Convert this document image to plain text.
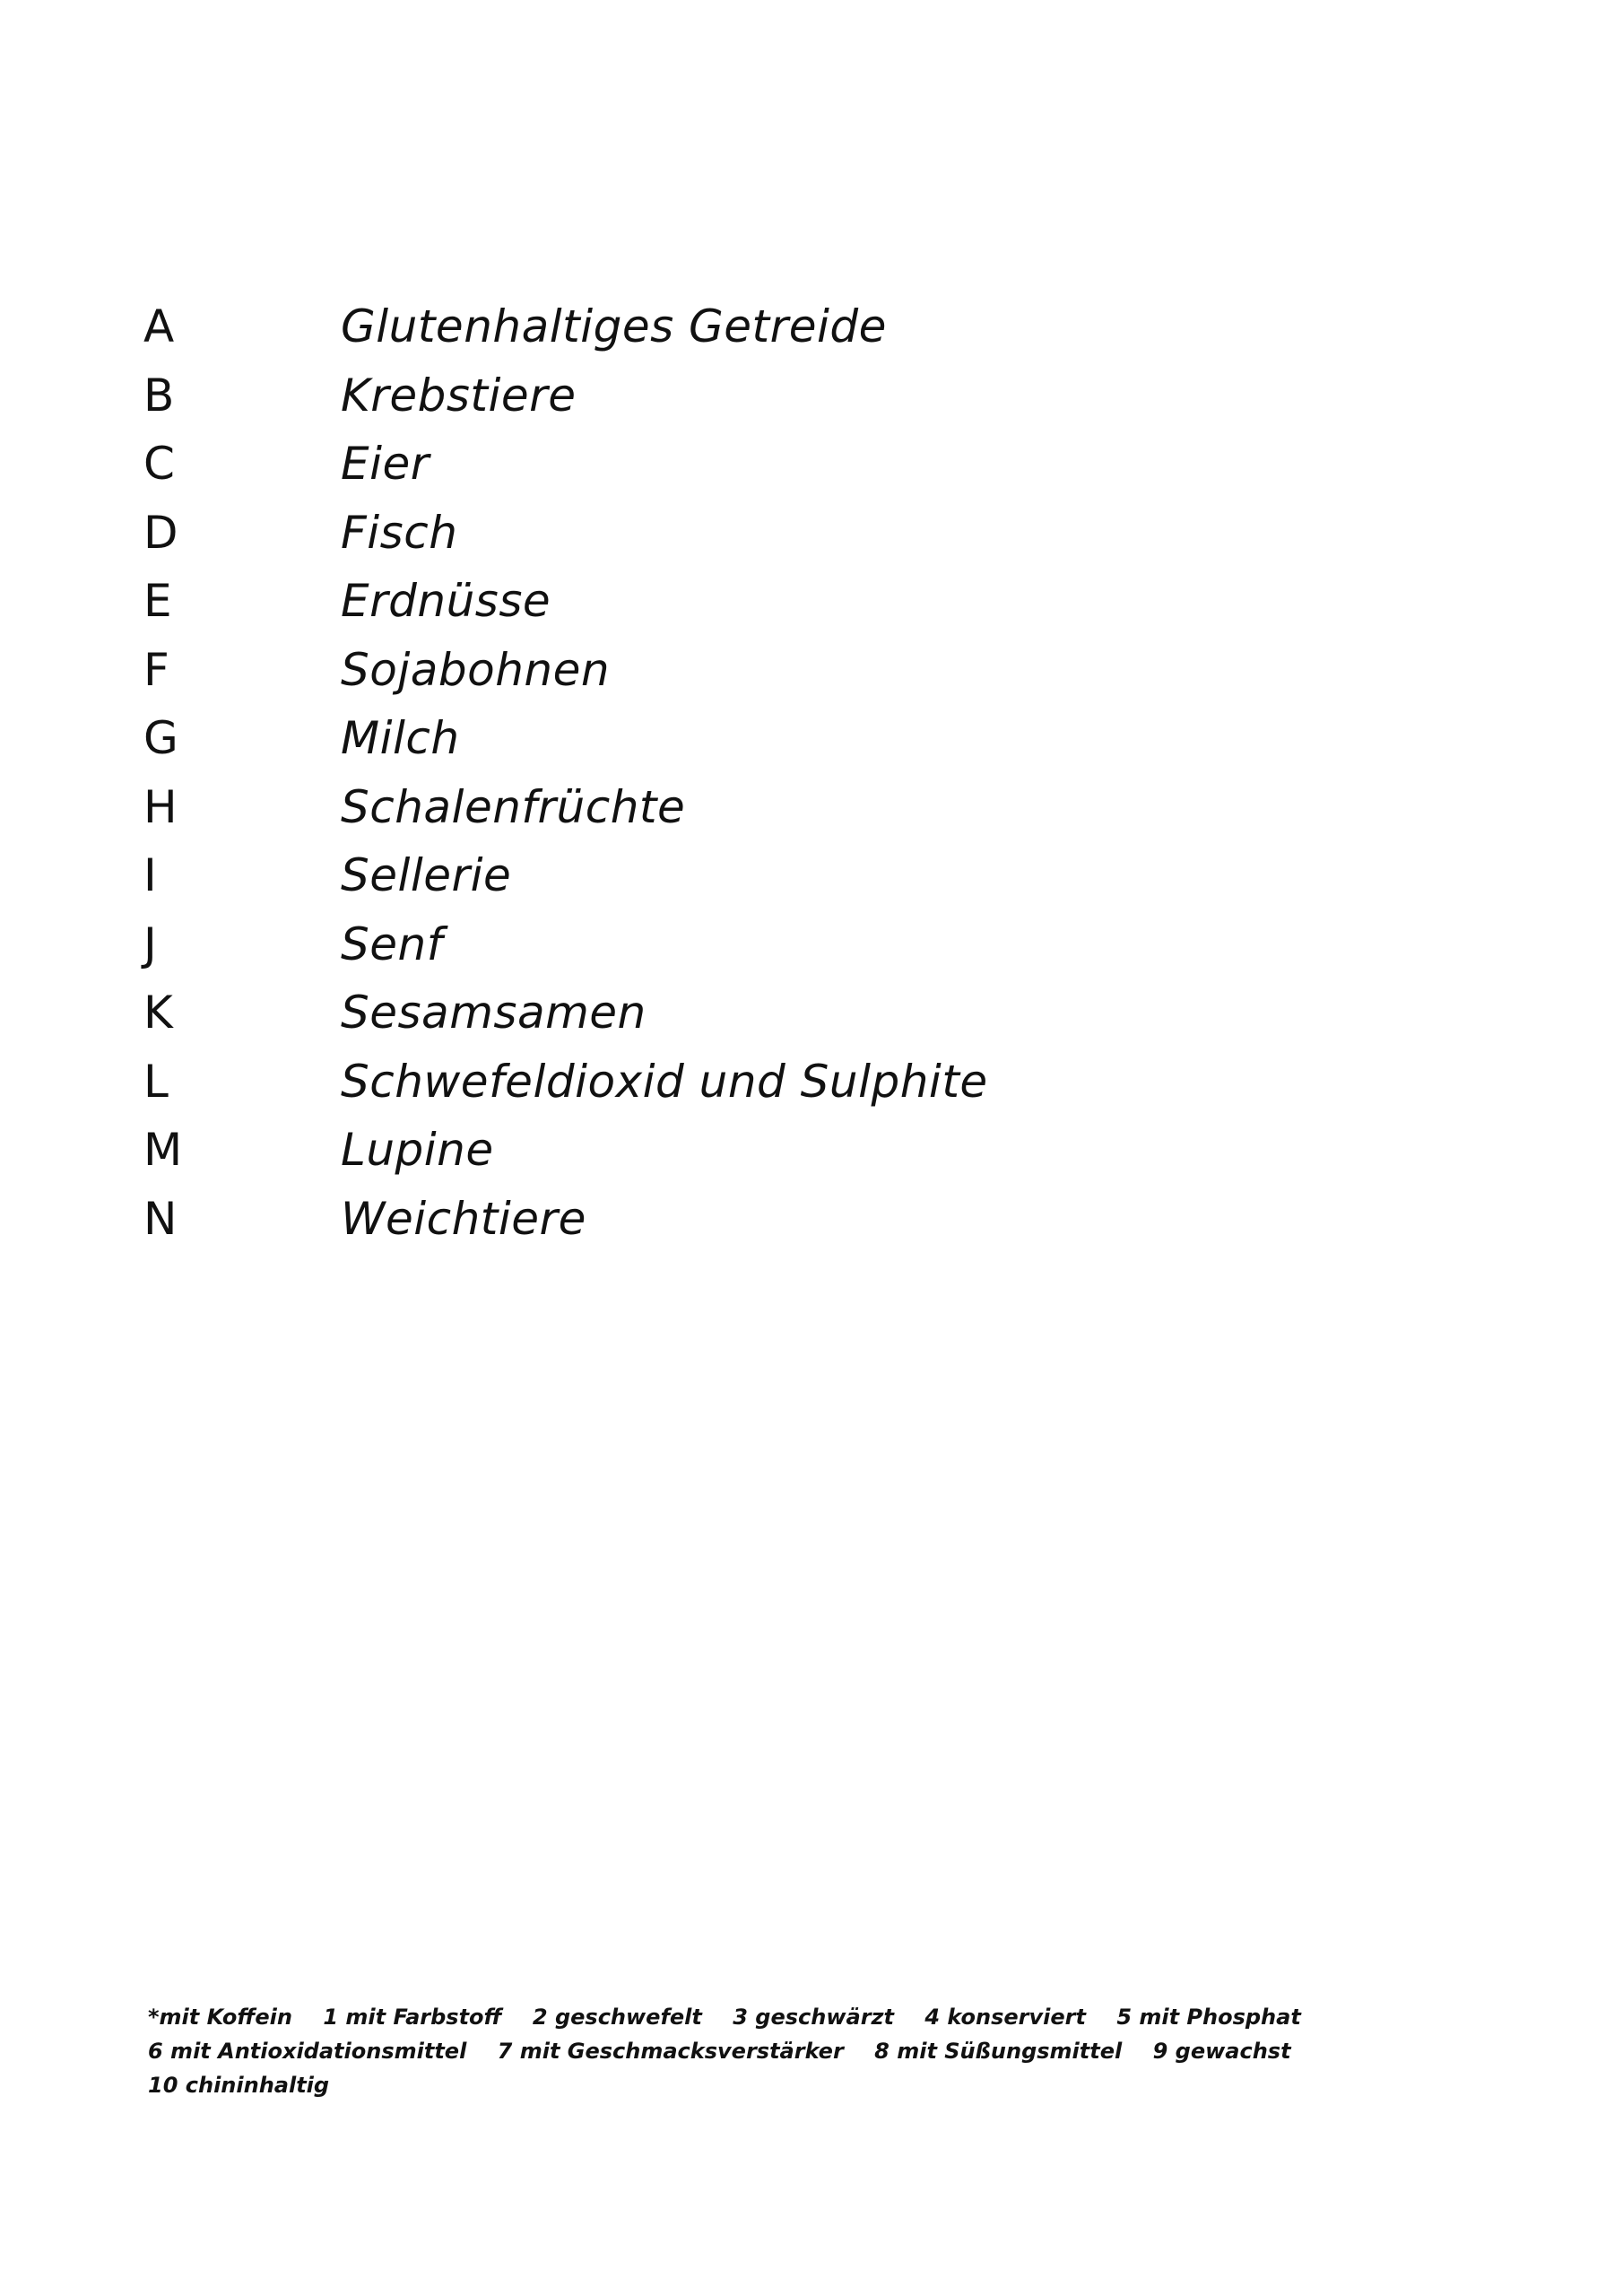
A	Glutenhaltiges Getreide
B	Krebstiere
C	Eier
D	Fisch
E	Erdnüsse
F	Sojabohnen
G	Milch
H	Schalenfrüchte
I	Sellerie
J	Senf
K	Sesamsamen
L	Schwefeldioxid und Sulphite
M	Lupine
N	Weichtiere
*mit Koffein 1 mit Farbstoff 2 geschwefelt 3 geschwärzt 4 konserviert 5 mit Phosphat
6 mit Antioxidationsmittel 7 mit Geschmacksverstärker 8 mit Süßungsmittel 9 gewachst
10 chininhaltig
